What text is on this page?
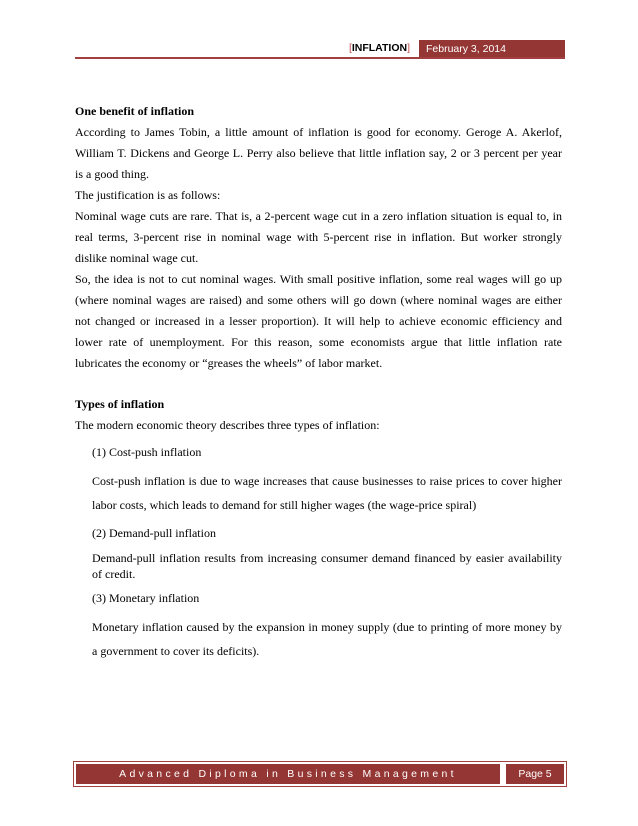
[INFLATION]	February 3, 2014

One benefit of inflation

According to James Tobin, a little amount of inflation is good for economy. Geroge A. Akerlof, William T. Dickens and George L. Perry also believe that little inflation say, 2 or 3 percent per year is a good thing.

The justification is as follows:

Nominal wage cuts are rare. That is, a 2-percent wage cut in a zero inflation situation is equal to, in real terms, 3-percent rise in nominal wage with 5-percent rise in inflation. But worker strongly dislike nominal wage cut.

So, the idea is not to cut nominal wages. With small positive inflation, some real wages will go up (where nominal wages are raised) and some others will go down (where nominal wages are either not changed or increased in a lesser proportion). It will help to achieve economic efficiency and lower rate of unemployment. For this reason, some economists argue that little inflation rate lubricates the economy or “greases the wheels” of labor market.

Types of inflation

The modern economic theory describes three types of inflation:

(1) Cost-push inflation

Cost-push inflation is due to wage increases that cause businesses to raise prices to cover higher labor costs, which leads to demand for still higher wages (the wage-price spiral)

(2) Demand-pull inflation

Demand-pull inflation results from increasing consumer demand financed by easier availability of credit.

(3) Monetary inflation

Monetary inflation caused by the expansion in money supply (due to printing of more money by a government to cover its deficits).

Advanced Diploma in Business Management	Page 5
